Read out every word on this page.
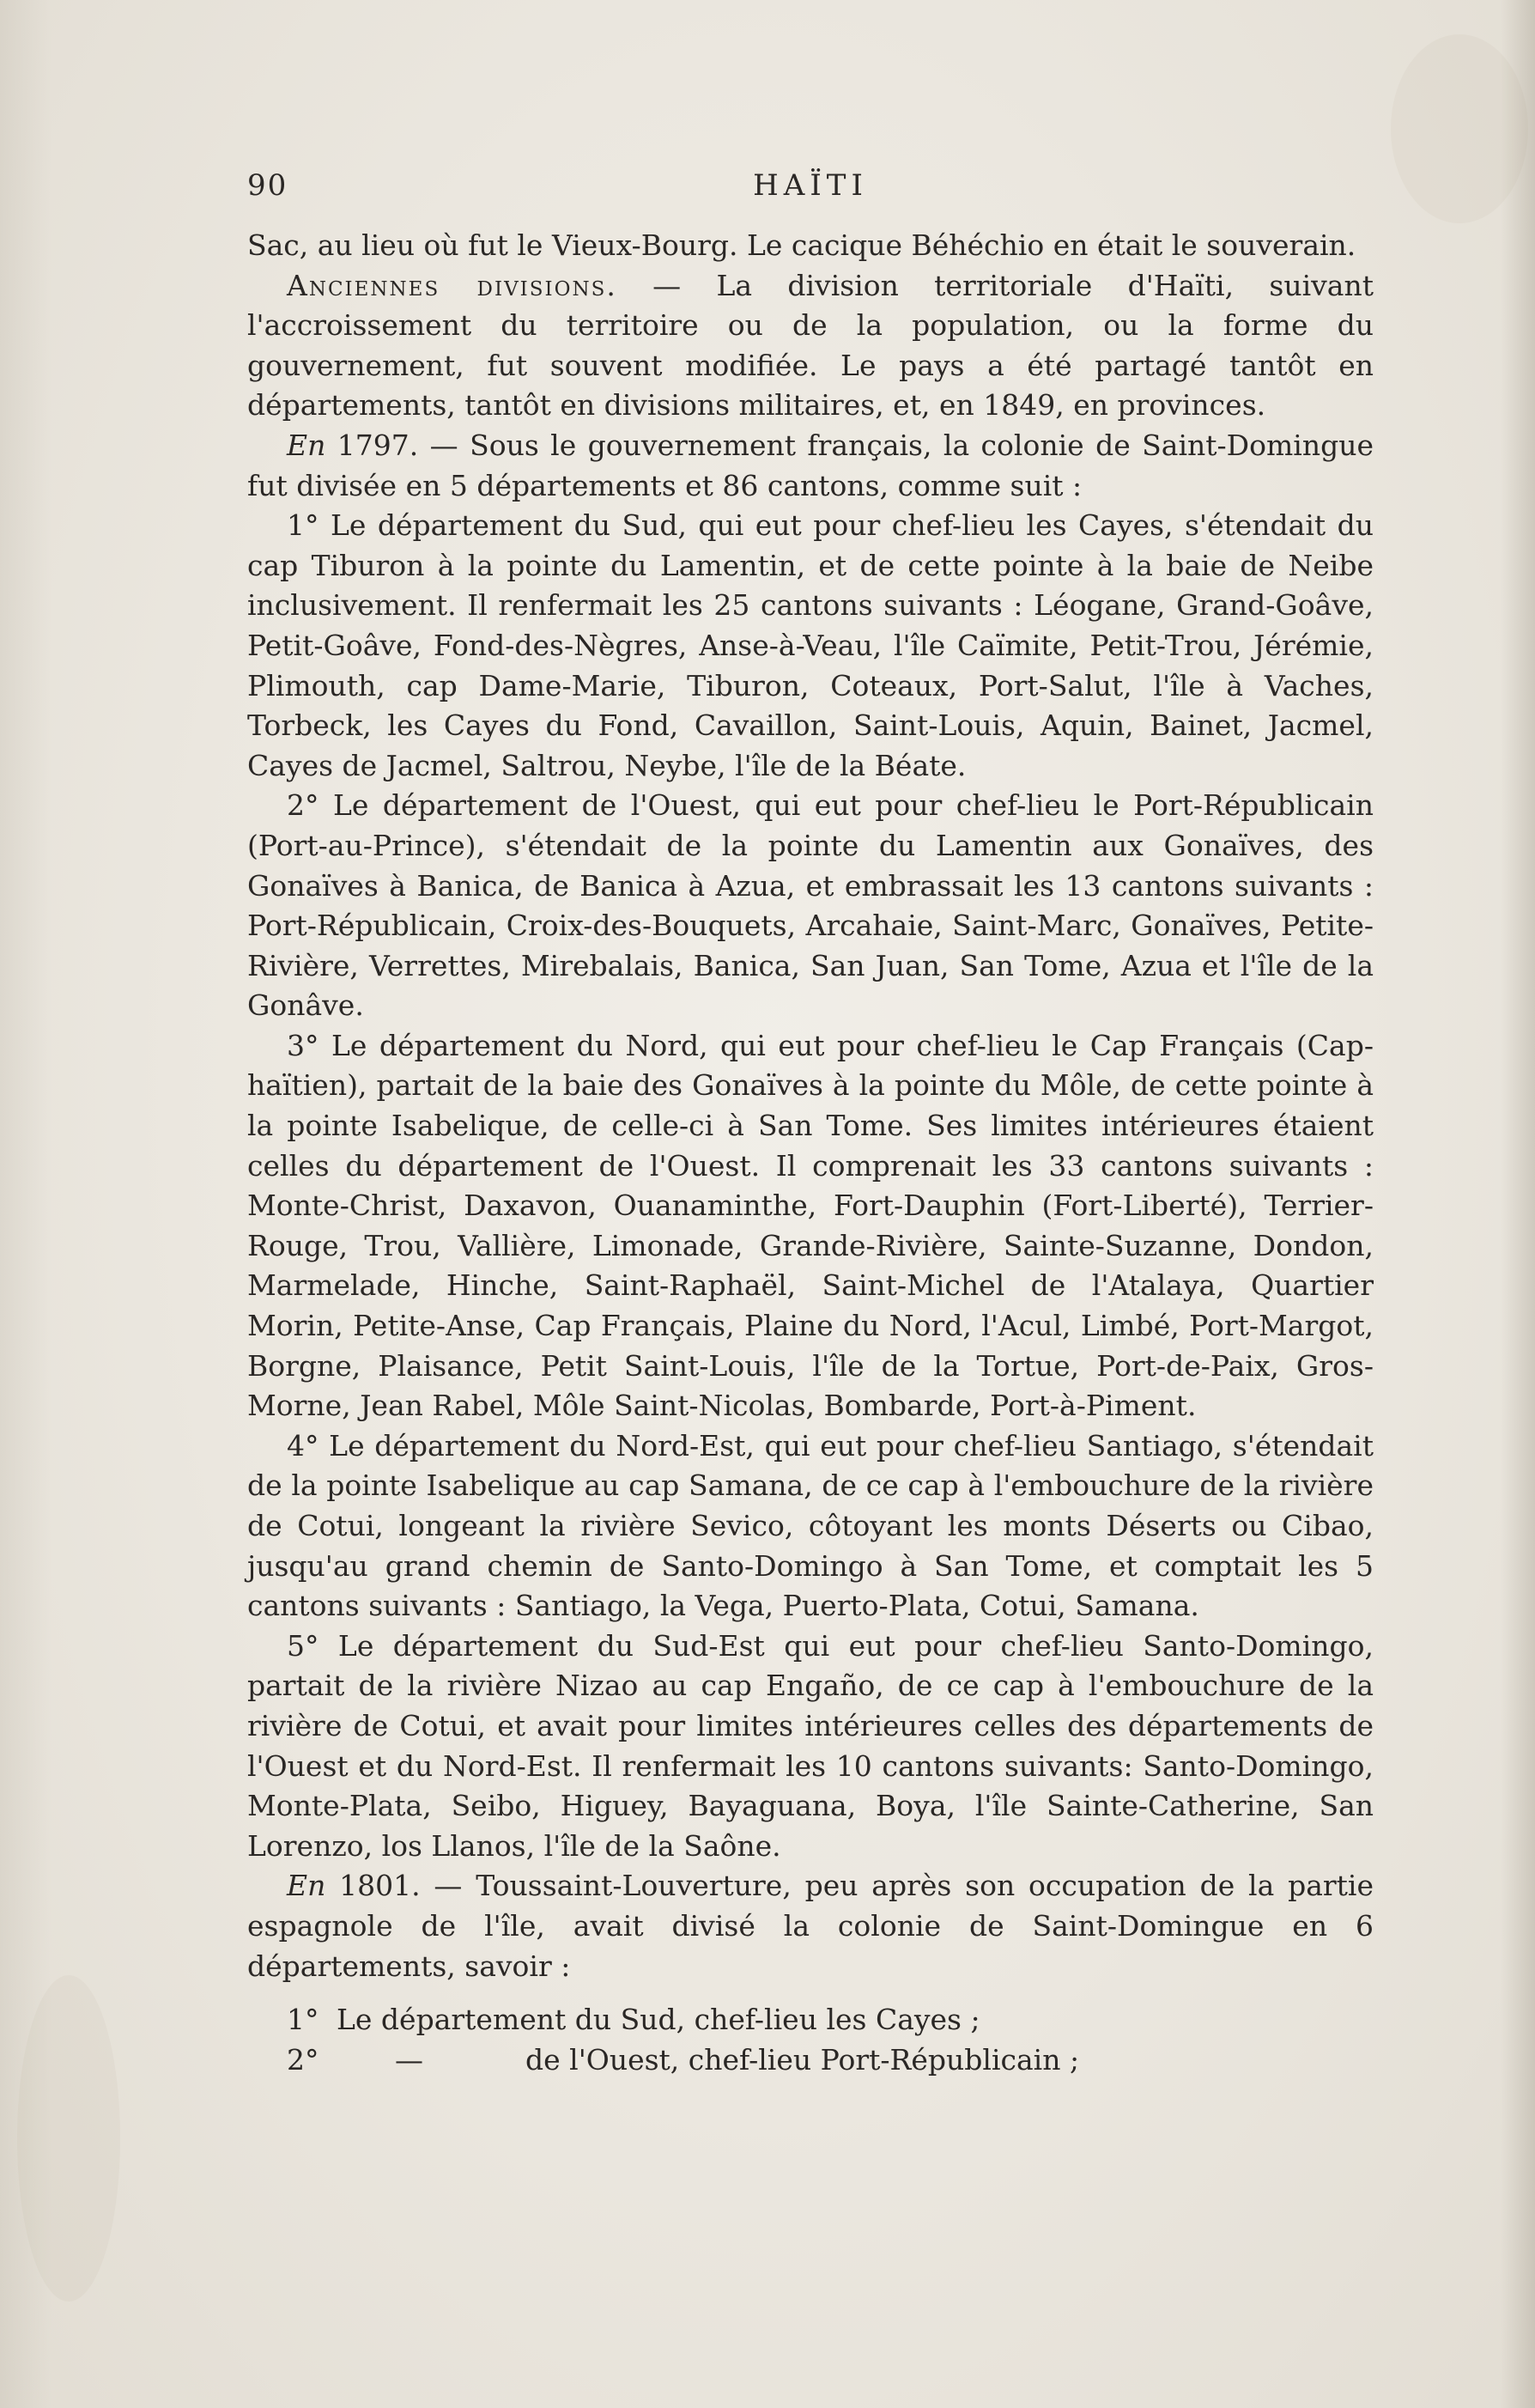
90	HAÏTI

Sac, au lieu où fut le Vieux-Bourg. Le cacique Béhéchio en était le souverain.

Anciennes divisions. — La division territoriale d'Haïti, suivant l'accroissement du territoire ou de la population, ou la forme du gouvernement, fut souvent modifiée. Le pays a été partagé tantôt en départements, tantôt en divisions militaires, et, en 1849, en provinces.

En 1797. — Sous le gouvernement français, la colonie de Saint-Domingue fut divisée en 5 départements et 86 cantons, comme suit :

1° Le département du Sud, qui eut pour chef-lieu les Cayes, s'étendait du cap Tiburon à la pointe du Lamentin, et de cette pointe à la baie de Neibe inclusivement. Il renfermait les 25 cantons suivants : Léogane, Grand-Goâve, Petit-Goâve, Fond-des-Nègres, Anse-à-Veau, l'île Caïmite, Petit-Trou, Jérémie, Plimouth, cap Dame-Marie, Tiburon, Coteaux, Port-Salut, l'île à Vaches, Torbeck, les Cayes du Fond, Cavaillon, Saint-Louis, Aquin, Bainet, Jacmel, Cayes de Jacmel, Saltrou, Neybe, l'île de la Béate.

2° Le département de l'Ouest, qui eut pour chef-lieu le Port-Républicain (Port-au-Prince), s'étendait de la pointe du Lamentin aux Gonaïves, des Gonaïves à Banica, de Banica à Azua, et embrassait les 13 cantons suivants : Port-Républicain, Croix-des-Bouquets, Arcahaie, Saint-Marc, Gonaïves, Petite-Rivière, Verrettes, Mirebalais, Banica, San Juan, San Tome, Azua et l'île de la Gonâve.

3° Le département du Nord, qui eut pour chef-lieu le Cap Français (Cap-haïtien), partait de la baie des Gonaïves à la pointe du Môle, de cette pointe à la pointe Isabelique, de celle-ci à San Tome. Ses limites intérieures étaient celles du département de l'Ouest. Il comprenait les 33 cantons suivants : Monte-Christ, Daxavon, Ouanaminthe, Fort-Dauphin (Fort-Liberté), Terrier-Rouge, Trou, Vallière, Limonade, Grande-Rivière, Sainte-Suzanne, Dondon, Marmelade, Hinche, Saint-Raphaël, Saint-Michel de l'Atalaya, Quartier Morin, Petite-Anse, Cap Français, Plaine du Nord, l'Acul, Limbé, Port-Margot, Borgne, Plaisance, Petit Saint-Louis, l'île de la Tortue, Port-de-Paix, Gros-Morne, Jean Rabel, Môle Saint-Nicolas, Bombarde, Port-à-Piment.

4° Le département du Nord-Est, qui eut pour chef-lieu Santiago, s'étendait de la pointe Isabelique au cap Samana, de ce cap à l'embouchure de la rivière de Cotui, longeant la rivière Sevico, côtoyant les monts Déserts ou Cibao, jusqu'au grand chemin de Santo-Domingo à San Tome, et comptait les 5 cantons suivants : Santiago, la Vega, Puerto-Plata, Cotui, Samana.

5° Le département du Sud-Est qui eut pour chef-lieu Santo-Domingo, partait de la rivière Nizao au cap Engaño, de ce cap à l'embouchure de la rivière de Cotui, et avait pour limites intérieures celles des départements de l'Ouest et du Nord-Est. Il renfermait les 10 cantons suivants: Santo-Domingo, Monte-Plata, Seibo, Higuey, Bayaguana, Boya, l'île Sainte-Catherine, San Lorenzo, los Llanos, l'île de la Saône.

En 1801. — Toussaint-Louverture, peu après son occupation de la partie espagnole de l'île, avait divisé la colonie de Saint-Domingue en 6 départements, savoir :

1° Le département du Sud, chef-lieu les Cayes ;
2°	—	de l'Ouest, chef-lieu Port-Républicain ;
